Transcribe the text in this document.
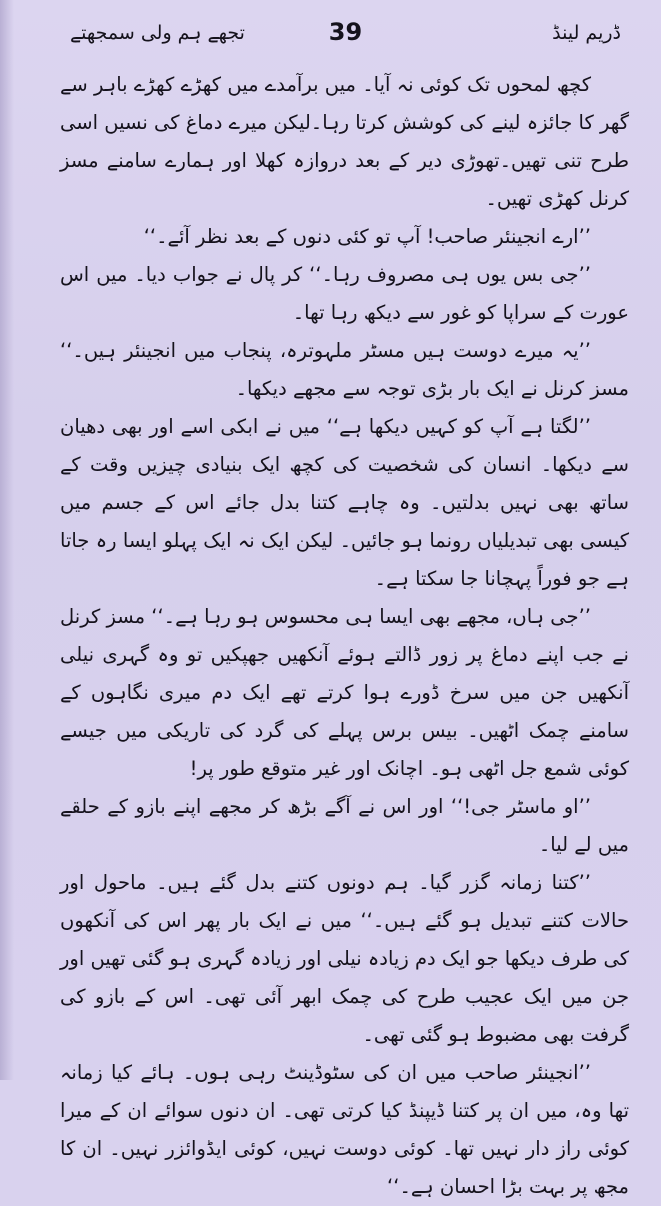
ڈریم لینڈ
39
تجھے ہم ولی سمجھتے

کچھ لمحوں تک کوئی نہ آیا۔ میں برآمدے میں کھڑے کھڑے باہر سے گھر کا جائزہ لینے کی کوشش کرتا رہا۔لیکن میرے دماغ کی نسیں اسی طرح تنی تھیں۔تھوڑی دیر کے بعد دروازہ کھلا اور ہمارے سامنے مسز کرنل کھڑی تھیں۔

’’ارے انجینئر صاحب! آپ تو کئی دنوں کے بعد نظر آئے۔‘‘

’’جی بس یوں ہی مصروف رہا۔‘‘ کر پال نے جواب دیا۔ میں اس عورت کے سراپا کو غور سے دیکھ رہا تھا۔

’’یہ میرے دوست ہیں مسٹر ملہوترہ، پنجاب میں انجینئر ہیں۔‘‘ مسز کرنل نے ایک بار بڑی توجہ سے مجھے دیکھا۔

’’لگتا ہے آپ کو کہیں دیکھا ہے‘‘ میں نے ابکی اسے اور بھی دھیان سے دیکھا۔ انسان کی شخصیت کی کچھ ایک بنیادی چیزیں وقت کے ساتھ بھی نہیں بدلتیں۔ وہ چاہے کتنا بدل جائے اس کے جسم میں کیسی بھی تبدیلیاں رونما ہو جائیں۔ لیکن ایک نہ ایک پہلو ایسا رہ جاتا ہے جو فوراً پہچانا جا سکتا ہے۔

’’جی ہاں، مجھے بھی ایسا ہی محسوس ہو رہا ہے۔‘‘ مسز کرنل نے جب اپنے دماغ پر زور ڈالتے ہوئے آنکھیں جھپکیں تو وہ گہری نیلی آنکھیں جن میں سرخ ڈورے ہوا کرتے تھے ایک دم میری نگاہوں کے سامنے چمک اٹھیں۔ بیس برس پہلے کی گرد کی تاریکی میں جیسے کوئی شمع جل اٹھی ہو۔ اچانک اور غیر متوقع طور پر!

’’او ماسٹر جی!‘‘ اور اس نے آگے بڑھ کر مجھے اپنے بازو کے حلقے میں لے لیا۔

’’کتنا زمانہ گزر گیا۔ ہم دونوں کتنے بدل گئے ہیں۔ ماحول اور حالات کتنے تبدیل ہو گئے ہیں۔‘‘ میں نے ایک بار پھر اس کی آنکھوں کی طرف دیکھا جو ایک دم زیادہ نیلی اور زیادہ گہری ہو گئی تھیں اور جن میں ایک عجیب طرح کی چمک ابھر آئی تھی۔ اس کے بازو کی گرفت بھی مضبوط ہو گئی تھی۔

’’انجینئر صاحب میں ان کی سٹوڈینٹ رہی ہوں۔ ہائے کیا زمانہ تھا وہ، میں ان پر کتنا ڈیپنڈ کیا کرتی تھی۔ ان دنوں سوائے ان کے میرا کوئی راز دار نہیں تھا۔ کوئی دوست نہیں، کوئی ایڈوائزر نہیں۔ ان کا مجھ پر بہت بڑا احسان ہے۔‘‘
